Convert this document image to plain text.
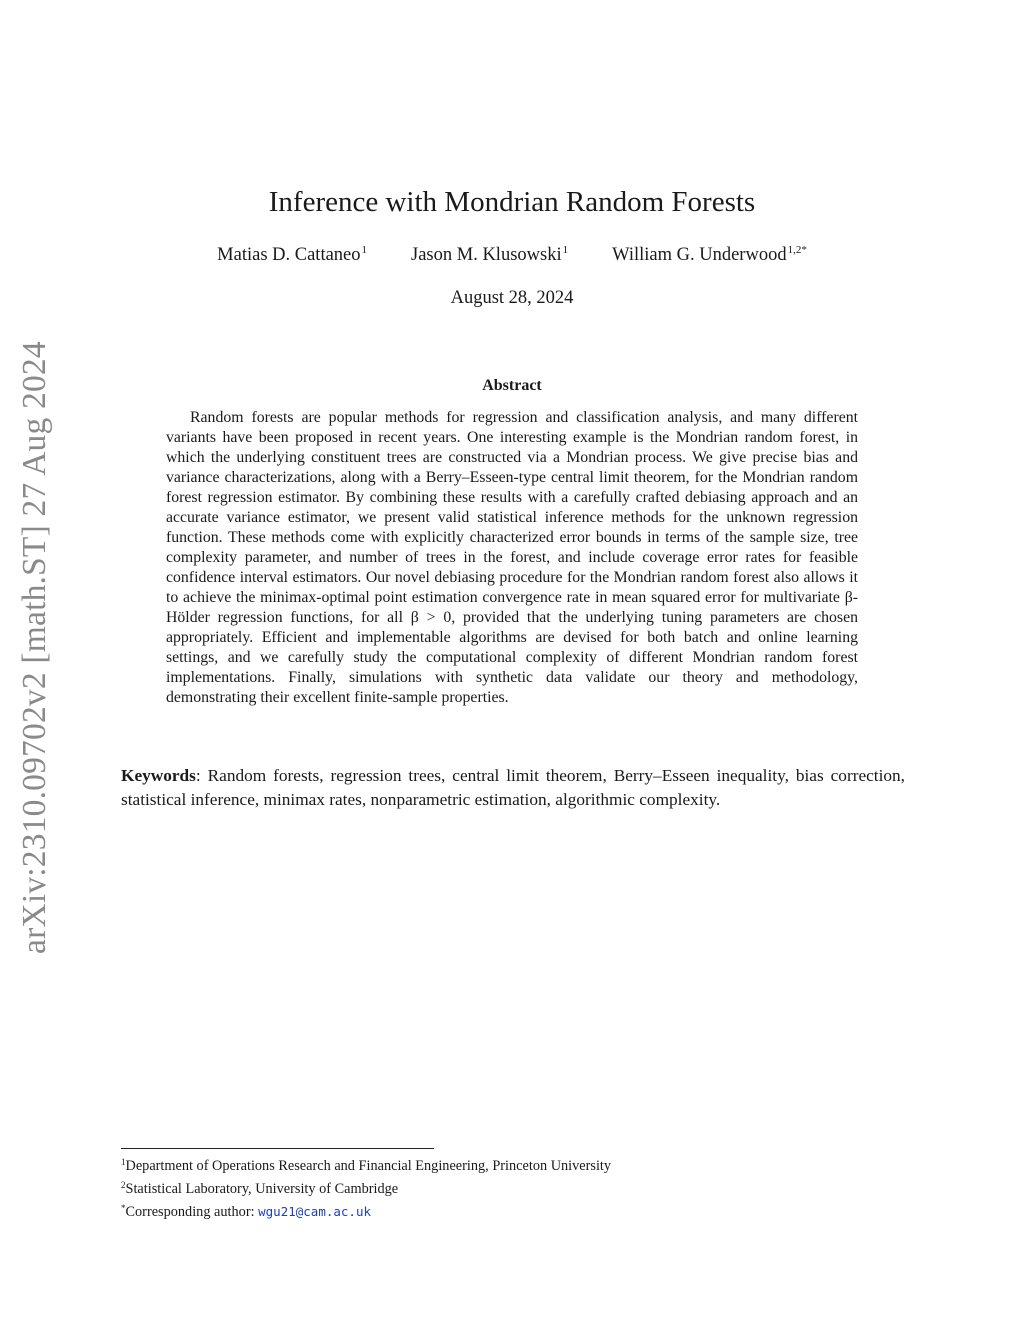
arXiv:2310.09702v2 [math.ST] 27 Aug 2024
Inference with Mondrian Random Forests
Matias D. Cattaneo$^1$ Jason M. Klusowski$^1$ William G. Underwood$^{1,2*}$
August 28, 2024
Abstract

Random forests are popular methods for regression and classification analysis, and many different variants have been proposed in recent years. One interesting example is the Mondrian random forest, in which the underlying constituent trees are constructed via a Mondrian process. We give precise bias and variance characterizations, along with a Berry–Esseen-type central limit theorem, for the Mondrian random forest regression estimator. By combining these results with a carefully crafted debiasing approach and an accurate variance estimator, we present valid statistical inference methods for the unknown regression function. These methods come with explicitly characterized error bounds in terms of the sample size, tree complexity parameter, and number of trees in the forest, and include coverage error rates for feasible confidence interval estimators. Our novel debiasing procedure for the Mondrian random forest also allows it to achieve the minimax-optimal point estimation convergence rate in mean squared error for multivariate β-Hölder regression functions, for all β > 0, provided that the underlying tuning parameters are chosen appropriately. Efficient and implementable algorithms are devised for both batch and online learning settings, and we carefully study the computational complexity of different Mondrian random forest implementations. Finally, simulations with synthetic data validate our theory and methodology, demonstrating their excellent finite-sample properties.

Keywords: Random forests, regression trees, central limit theorem, Berry–Esseen inequality, bias correction, statistical inference, minimax rates, nonparametric estimation, algorithmic complexity.

$^1$Department of Operations Research and Financial Engineering, Princeton University
$^2$Statistical Laboratory, University of Cambridge
*Corresponding author: wgu21@cam.ac.uk
